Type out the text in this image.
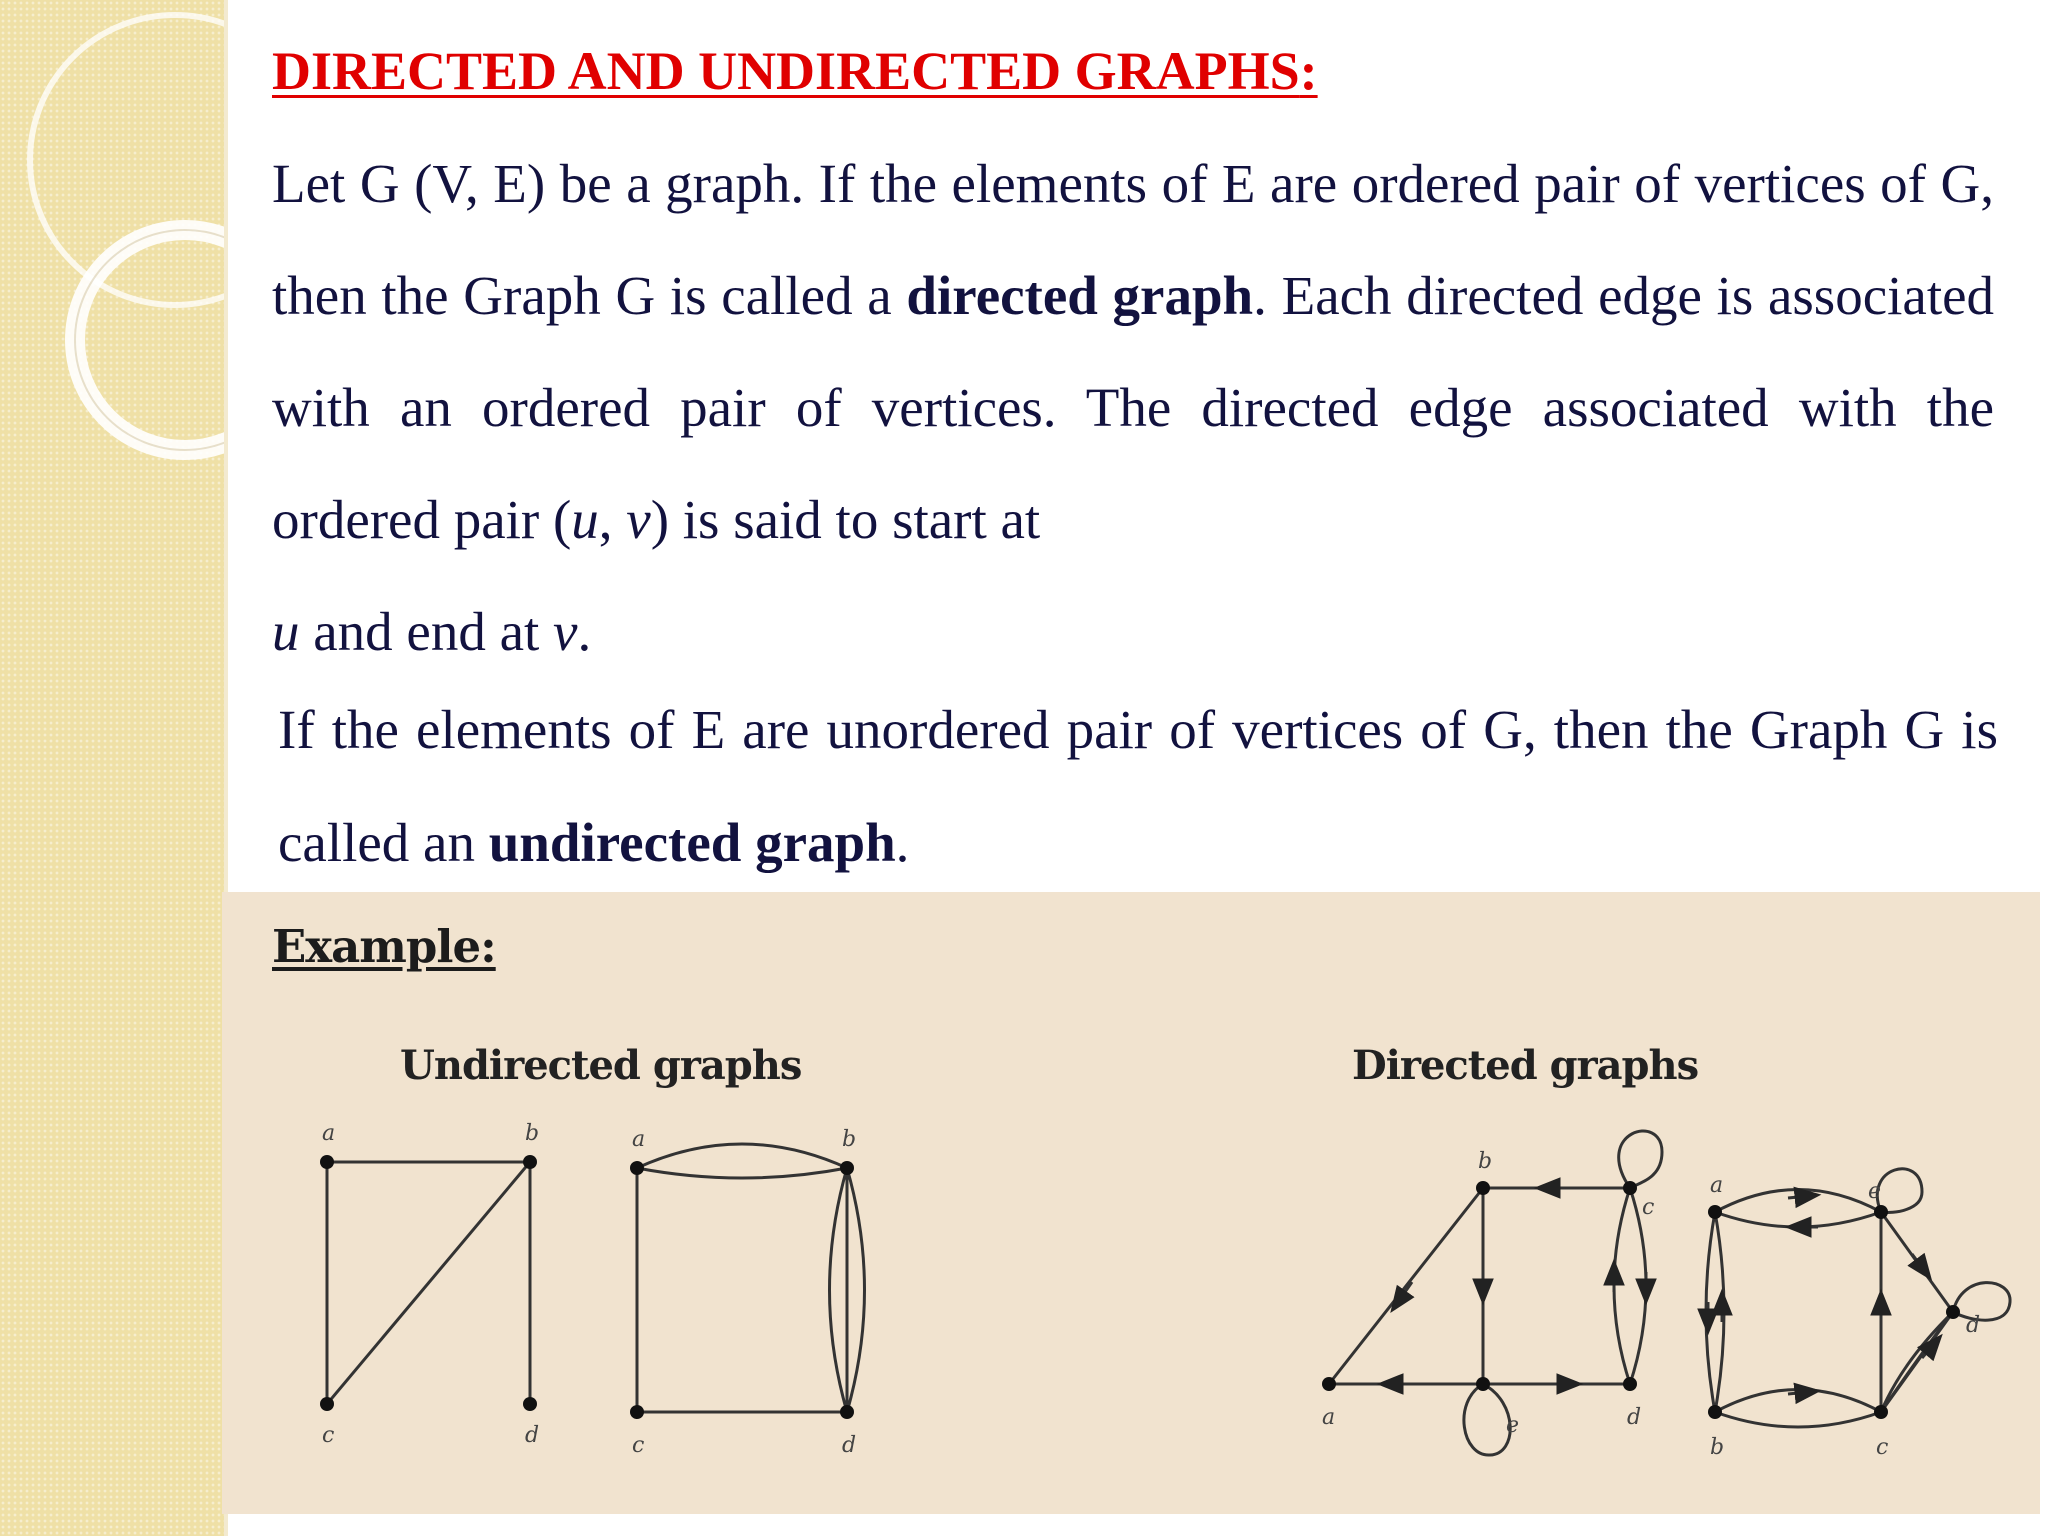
DIRECTED AND UNDIRECTED GRAPHS:

Let G (V, E) be a graph. If the elements of E are ordered pair of vertices of G, then the Graph G is called a directed graph. Each directed edge is associated with an ordered pair of vertices. The directed edge associated with the ordered pair (u, v) is said to start at
u and end at v.

If the elements of E are unordered pair of vertices of G, then the Graph G is called an undirected graph.

Example:
Undirected graphs	Directed graphs
a	b
c	d
a	b
c	d
a
b
c
d
e
a
b	c
d
e
